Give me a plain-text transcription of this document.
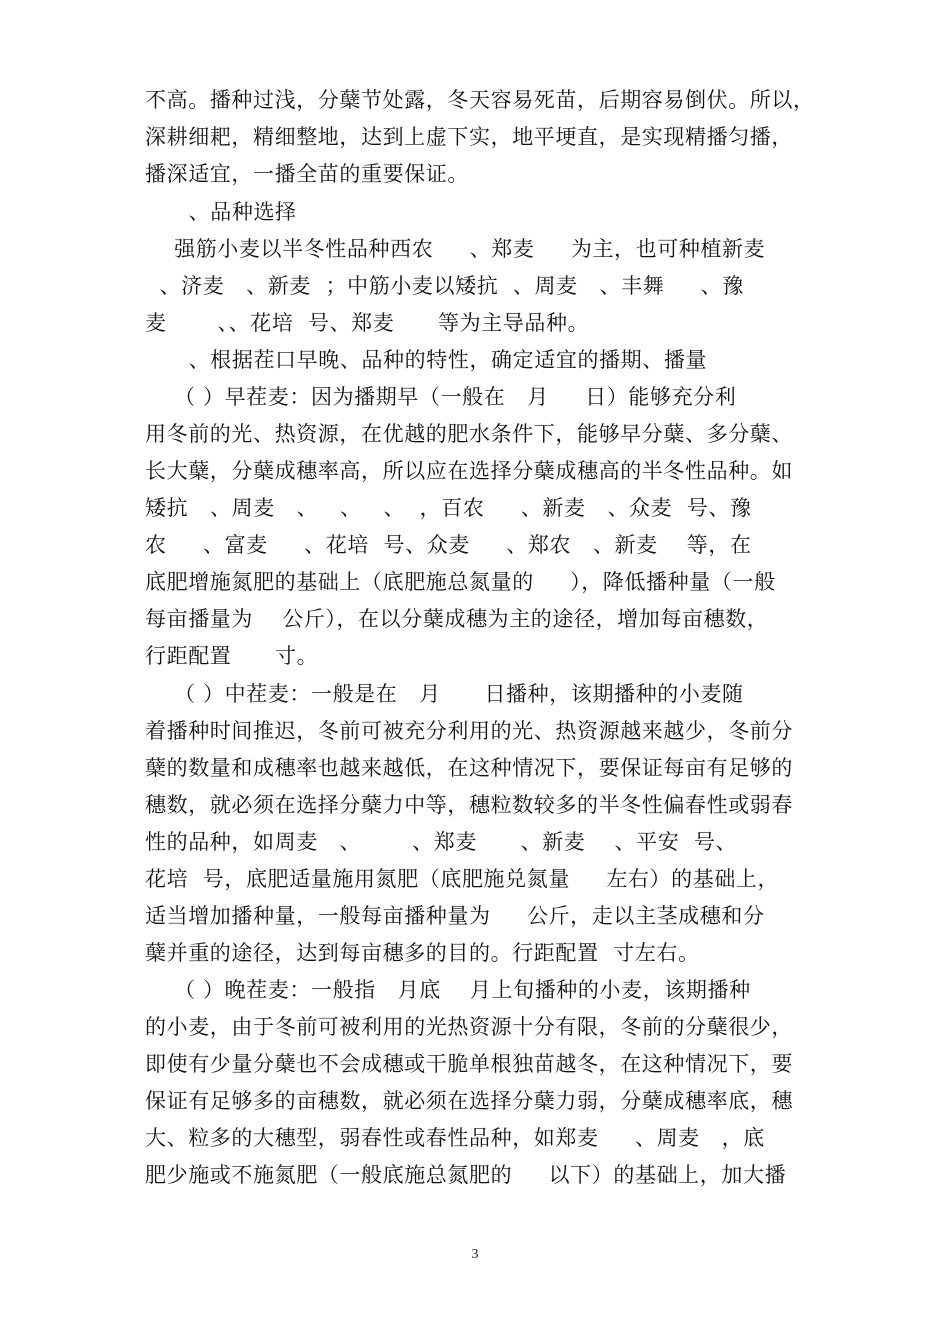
不高。播种过浅，分蘖节处露，冬天容易死苗，后期容易倒伏。所以，
深耕细耙，精细整地，达到上虚下实，地平埂直，是实现精播匀播，
播深适宜，一播全苗的重要保证。
、品种选择
强筋小麦以半冬性品种西农     、郑麦     为主，也可种植新麦
、济麦   、新麦  ；中筋小麦以矮抗  、周麦   、丰舞     、豫
麦       、、花培  号、郑麦      等为主导品种。
、根据茬口早晚、品种的特性，确定适宜的播期、播量
（ ）早茬麦：因为播期早（一般在   月     日）能够充分利
用冬前的光、热资源，在优越的肥水条件下，能够早分蘖、多分蘖、
长大蘖，分蘖成穗率高，所以应在选择分蘖成穗高的半冬性品种。如
矮抗   、周麦   、   、   、  ，百农     、新麦   、众麦  号、豫
农     、富麦     、花培  号、众麦     、郑农   、新麦    等，在
底肥增施氮肥的基础上（底肥施总氮量的     ），降低播种量（一般
每亩播量为    公斤），在以分蘖成穗为主的途径，增加每亩穗数，
行距配置      寸。
（ ）中茬麦：一般是在   月      日播种，该期播种的小麦随
着播种时间推迟，冬前可被充分利用的光、热资源越来越少，冬前分
蘖的数量和成穗率也越来越低，在这种情况下，要保证每亩有足够的
穗数，就必须在选择分蘖力中等，穗粒数较多的半冬性偏春性或弱春
性的品种，如周麦   、       、郑麦      、新麦    、平安  号、
花培  号，底肥适量施用氮肥（底肥施兑氮量     左右）的基础上，
适当增加播种量，一般每亩播种量为     公斤，走以主茎成穗和分
蘖并重的途径，达到每亩穗多的目的。行距配置  寸左右。
（ ）晚茬麦：一般指   月底    月上旬播种的小麦，该期播种
的小麦，由于冬前可被利用的光热资源十分有限，冬前的分蘖很少，
即使有少量分蘖也不会成穗或干脆单根独苗越冬，在这种情况下，要
保证有足够多的亩穗数，就必须在选择分蘖力弱，分蘖成穗率底，穗
大、粒多的大穗型，弱春性或春性品种，如郑麦     、周麦   ，底
肥少施或不施氮肥（一般底施总氮肥的     以下）的基础上，加大播
3
